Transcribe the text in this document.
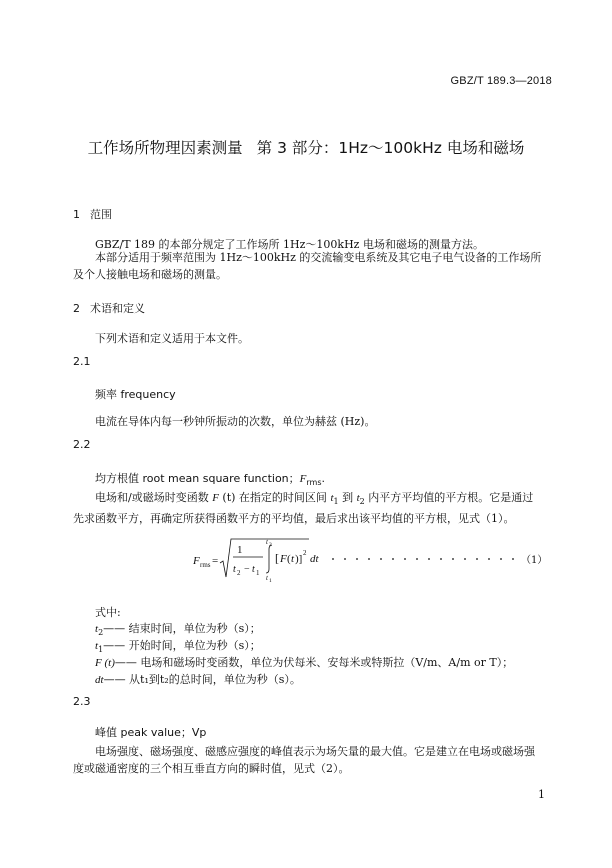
GBZ/T 189.3—2018
工作场所物理因素测量 第 3 部分：1Hz～100kHz 电场和磁场
1 范围
GBZ/T 189 的本部分规定了工作场所 1Hz～100kHz 电场和磁场的测量方法。
本部分适用于频率范围为 1Hz～100kHz 的交流输变电系统及其它电子电气设备的工作场所及个人接触电场和磁场的测量。
2 术语和定义
下列术语和定义适用于本文件。
2.1
频率 frequency
电流在导体内每一秒钟所振动的次数，单位为赫兹 (Hz)。
2.2
均方根值 root mean square function；$F_{rms}$.
电场和/或磁场时变函数 F (t) 在指定的时间区间 $t_1$ 到 $t_2$ 内平方平均值的平方根。它是通过先求函数平方，再确定所获得函数平方的平均值，最后求出该平均值的平方根，见式（1）。
F rms =
1
t 2 − t 1
t 2
t 1
[ F ( t )] 2 dt	（1）
式中:
$t_2——$ 结束时间，单位为秒（s）；
$t_1——$ 开始时间，单位为秒（s）；
F (t)—— 电场和磁场时变函数，单位为伏每米、安每米或特斯拉（V/m、A/m or T）；
dt—— 从t₁到t₂的总时间，单位为秒（s）。
2.3
峰值 peak value；Vp
电场强度、磁场强度、磁感应强度的峰值表示为场矢量的最大值。它是建立在电场或磁场强度或磁通密度的三个相互垂直方向的瞬时值，见式（2）。
1
